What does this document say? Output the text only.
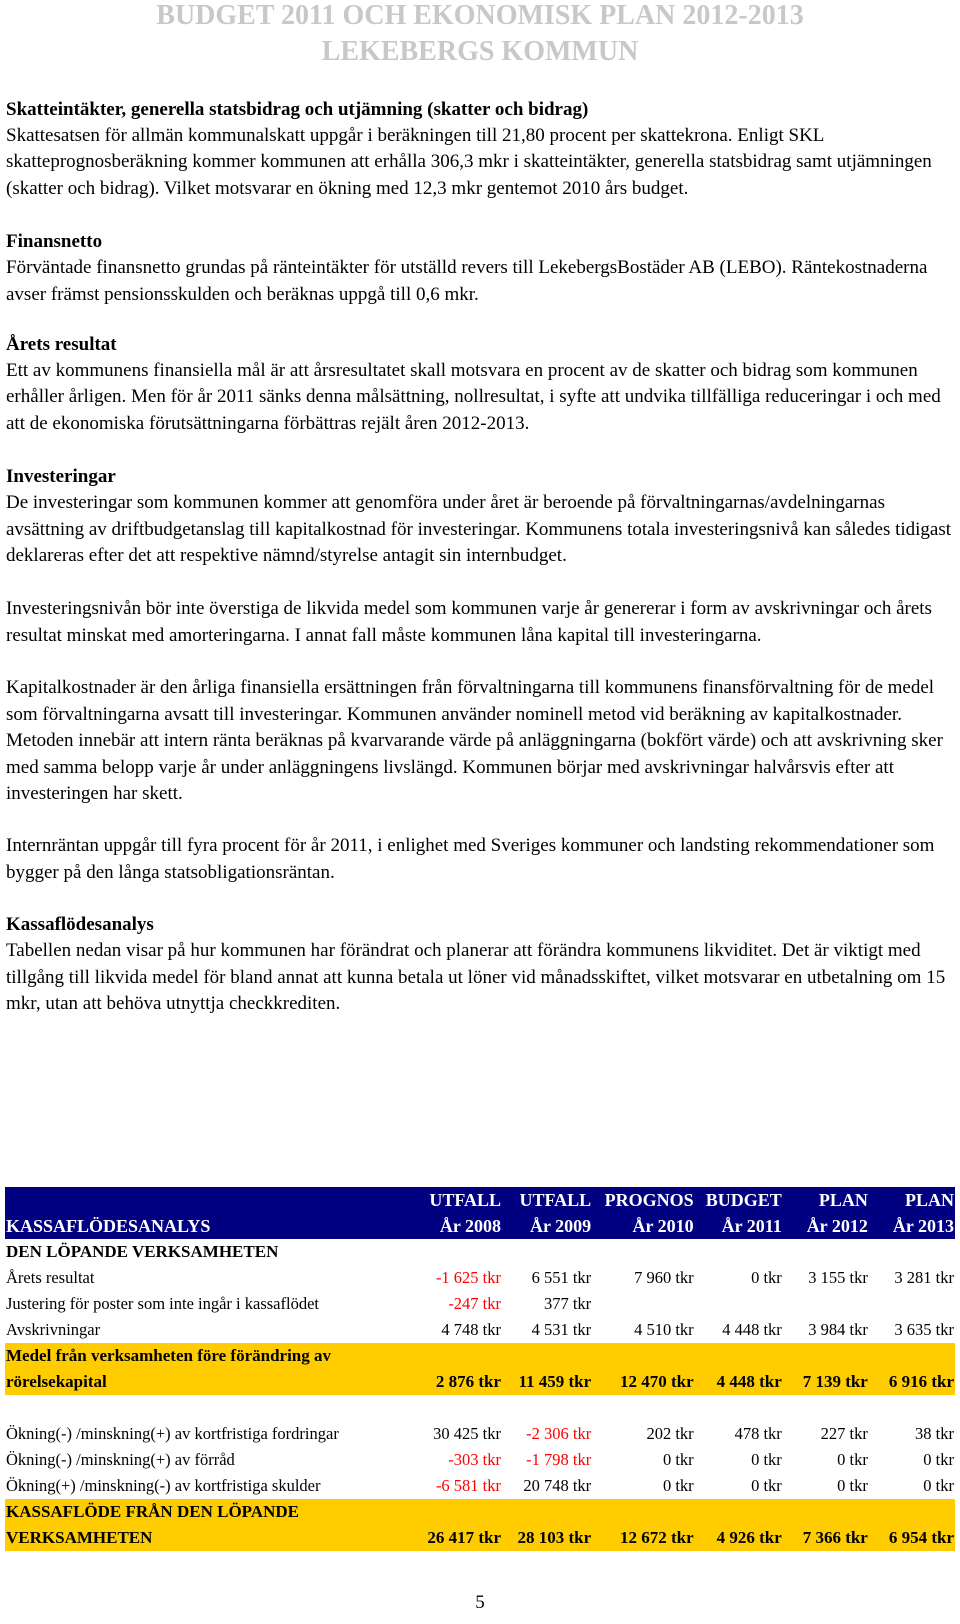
BUDGET 2011 OCH EKONOMISK PLAN 2012-2013
LEKEBERGS KOMMUN
Skatteintäkter, generella statsbidrag och utjämning (skatter och bidrag)

Skattesatsen för allmän kommunalskatt uppgår i beräkningen till 21,80 procent per skattekrona. Enligt SKL skatteprognosberäkning kommer kommunen att erhålla 306,3 mkr i skatteintäkter, generella statsbidrag samt utjämningen (skatter och bidrag). Vilket motsvarar en ökning med 12,3 mkr gentemot 2010 års budget.

Finansnetto

Förväntade finansnetto grundas på ränteintäkter för utställd revers till LekebergsBostäder AB (LEBO). Räntekostnaderna avser främst pensionsskulden och beräknas uppgå till 0,6 mkr.

Årets resultat

Ett av kommunens finansiella mål är att årsresultatet skall motsvara en procent av de skatter och bidrag som kommunen erhåller årligen. Men för år 2011 sänks denna målsättning, nollresultat, i syfte att undvika tillfälliga reduceringar i och med att de ekonomiska förutsättningarna förbättras rejält åren 2012-2013.

Investeringar

De investeringar som kommunen kommer att genomföra under året är beroende på förvaltningarnas/avdelningarnas avsättning av driftbudgetanslag till kapitalkostnad för investeringar. Kommunens totala investeringsnivå kan således tidigast deklareras efter det att respektive nämnd/styrelse antagit sin internbudget.

Investeringsnivån bör inte överstiga de likvida medel som kommunen varje år genererar i form av avskrivningar och årets resultat minskat med amorteringarna. I annat fall måste kommunen låna kapital till investeringarna.

Kapitalkostnader är den årliga finansiella ersättningen från förvaltningarna till kommunens finansförvaltning för de medel som förvaltningarna avsatt till investeringar. Kommunen använder nominell metod vid beräkning av kapitalkostnader. Metoden innebär att intern ränta beräknas på kvarvarande värde på anläggningarna (bokfört värde) och att avskrivning sker med samma belopp varje år under anläggningens livslängd. Kommunen börjar med avskrivningar halvårsvis efter att investeringen har skett.

Internräntan uppgår till fyra procent för år 2011, i enlighet med Sveriges kommuner och landsting rekommendationer som bygger på den långa statsobligationsräntan.

Kassaflödesanalys

Tabellen nedan visar på hur kommunen har förändrat och planerar att förändra kommunens likviditet. Det är viktigt med tillgång till likvida medel för bland annat att kunna betala ut löner vid månadsskiftet, vilket motsvarar en utbetalning om 15 mkr, utan att behöva utnyttja checkkrediten.

	UTFALL	UTFALL	PROGNOS	BUDGET	PLAN	PLAN
KASSAFLÖDESANALYS	År 2008	År 2009	År 2010	År 2011	År 2012	År 2013
DEN LÖPANDE VERKSAMHETEN						
Årets resultat	-1 625 tkr	6 551 tkr	7 960 tkr	0 tkr	3 155 tkr	3 281 tkr
Justering för poster som inte ingår i kassaflödet	-247 tkr	377 tkr				
Avskrivningar	4 748 tkr	4 531 tkr	4 510 tkr	4 448 tkr	3 984 tkr	3 635 tkr
Medel från verksamheten före förändring av
rörelsekapital	2 876 tkr	11 459 tkr	12 470 tkr	4 448 tkr	7 139 tkr	6 916 tkr

Ökning(-) /minskning(+) av kortfristiga fordringar	30 425 tkr	-2 306 tkr	202 tkr	478 tkr	227 tkr	38 tkr
Ökning(-) /minskning(+) av förråd	-303 tkr	-1 798 tkr	0 tkr	0 tkr	0 tkr	0 tkr
Ökning(+) /minskning(-) av kortfristiga skulder	-6 581 tkr	20 748 tkr	0 tkr	0 tkr	0 tkr	0 tkr
KASSAFLÖDE FRÅN DEN LÖPANDE
VERKSAMHETEN	26 417 tkr	28 103 tkr	12 672 tkr	4 926 tkr	7 366 tkr	6 954 tkr
5
